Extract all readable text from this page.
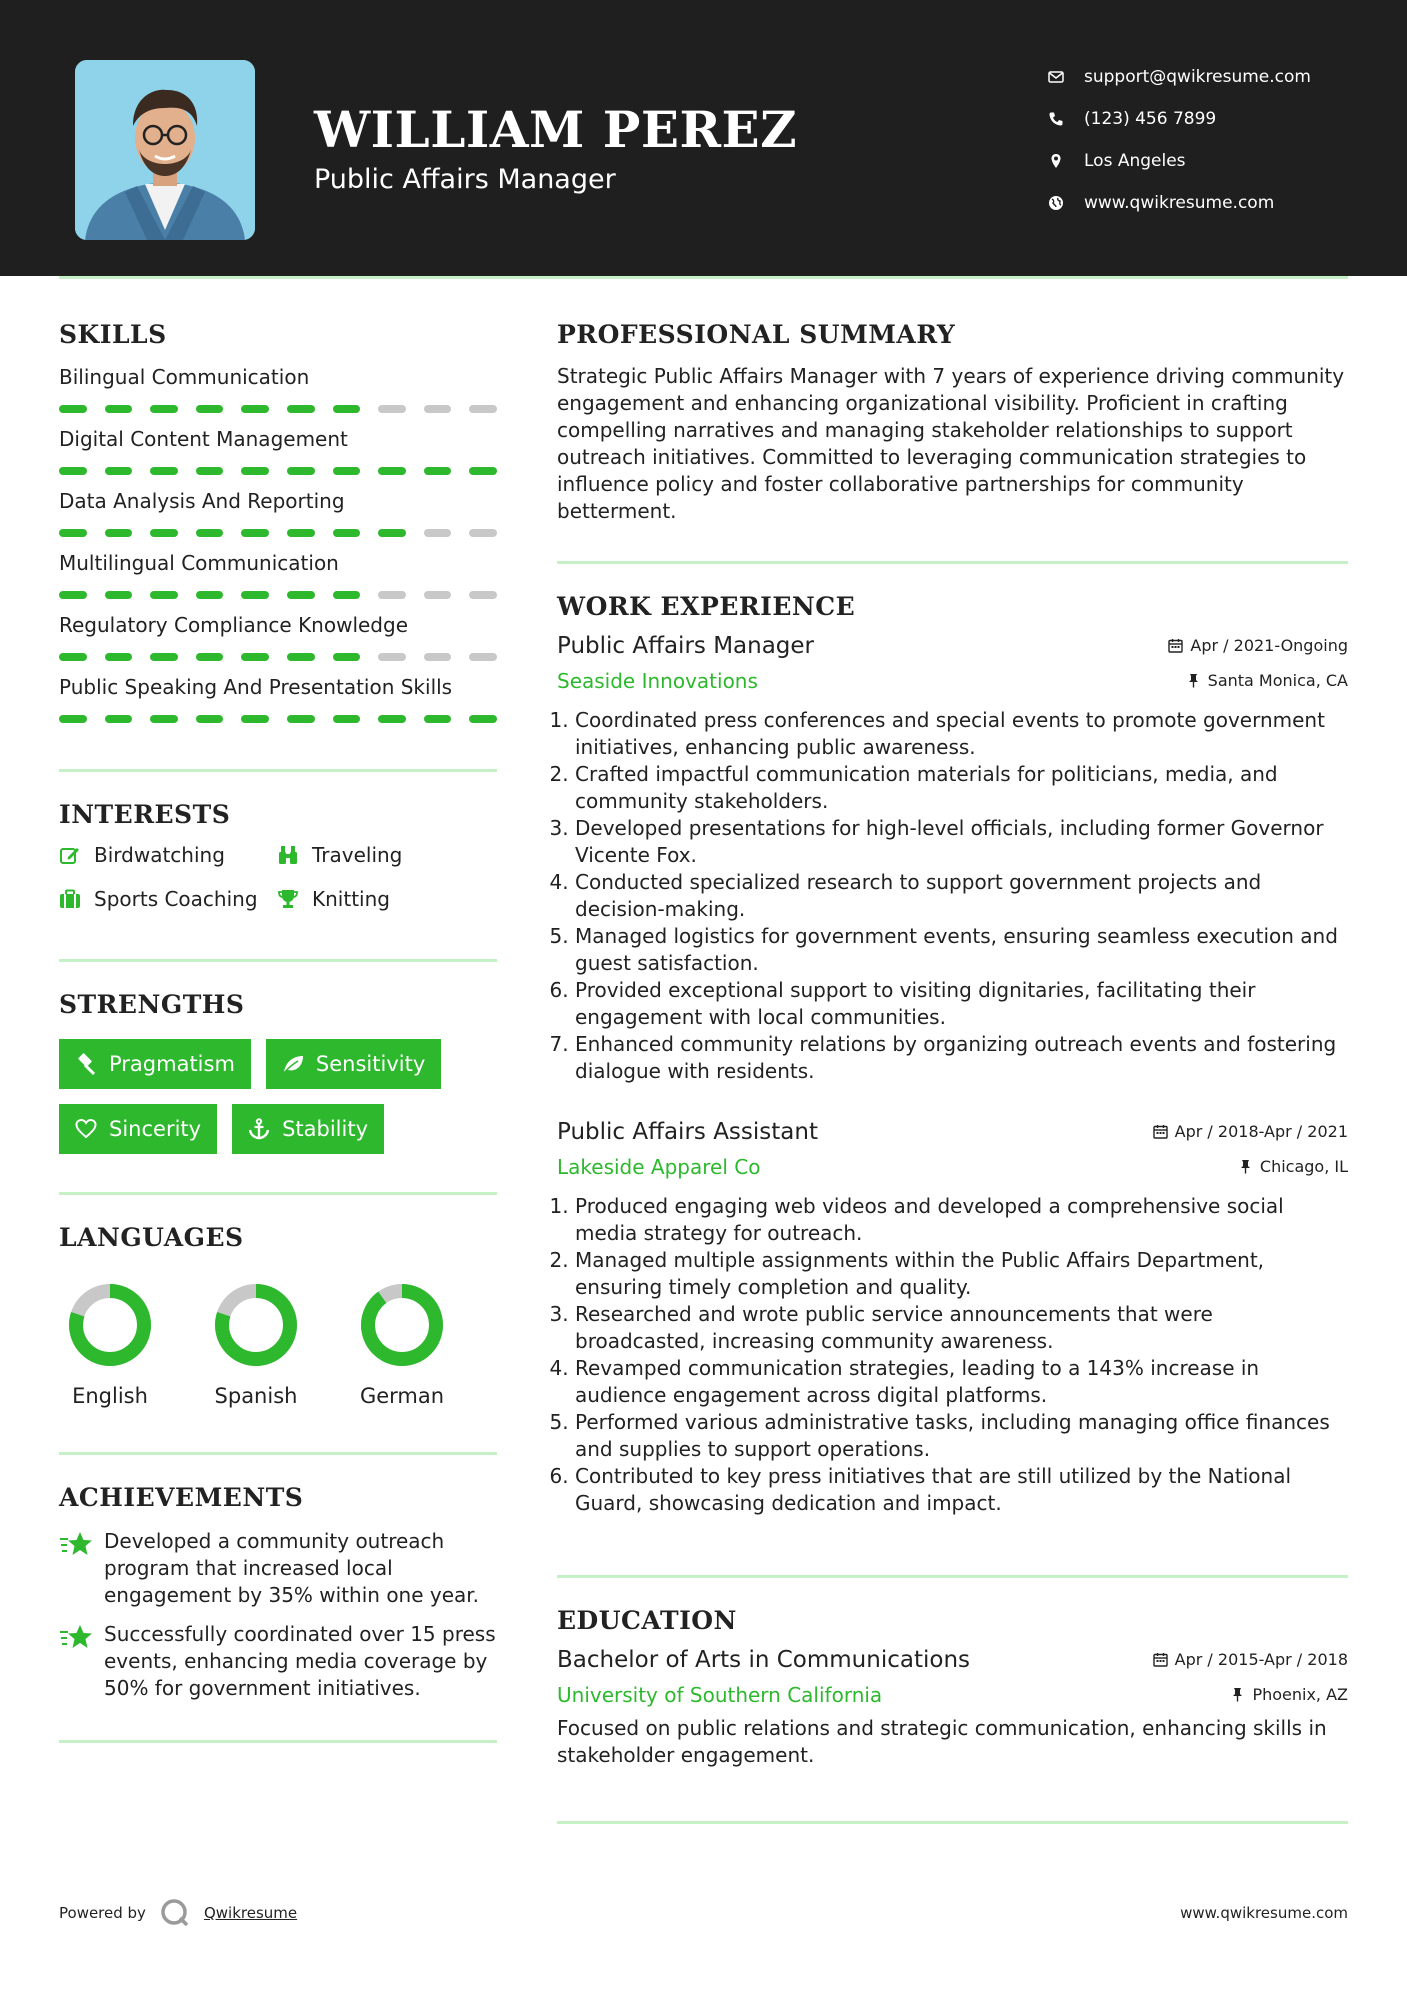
WILLIAM PEREZ
Public Affairs Manager
support@qwikresume.com
(123) 456 7899
Los Angeles
www.qwikresume.com
SKILLS
Bilingual Communication
Digital Content Management
Data Analysis And Reporting
Multilingual Communication
Regulatory Compliance Knowledge
Public Speaking And Presentation Skills
INTERESTS
Birdwatching	Traveling
Sports Coaching	Knitting
STRENGTHS
Pragmatism	Sensitivity
Sincerity	Stability
LANGUAGES
English	Spanish	German
ACHIEVEMENTS

Developed a community outreach program that increased local engagement by 35% within one year.

Successfully coordinated over 15 press events, enhancing media coverage by 50% for government initiatives.

PROFESSIONAL SUMMARY

Strategic Public Affairs Manager with 7 years of experience driving community engagement and enhancing organizational visibility. Proficient in crafting compelling narratives and managing stakeholder relationships to support outreach initiatives. Committed to leveraging communication strategies to influence policy and foster collaborative partnerships for community betterment.

WORK EXPERIENCE
Public Affairs Manager	Apr / 2021-Ongoing
Seaside Innovations	Santa Monica, CA
1. Coordinated press conferences and special events to promote government initiatives, enhancing public awareness.
2. Crafted impactful communication materials for politicians, media, and community stakeholders.
3. Developed presentations for high-level officials, including former Governor Vicente Fox.
4. Conducted specialized research to support government projects and decision-making.
5. Managed logistics for government events, ensuring seamless execution and guest satisfaction.
6. Provided exceptional support to visiting dignitaries, facilitating their engagement with local communities.
7. Enhanced community relations by organizing outreach events and fostering dialogue with residents.
Public Affairs Assistant	Apr / 2018-Apr / 2021
Lakeside Apparel Co	Chicago, IL
1. Produced engaging web videos and developed a comprehensive social media strategy for outreach.
2. Managed multiple assignments within the Public Affairs Department, ensuring timely completion and quality.
3. Researched and wrote public service announcements that were broadcasted, increasing community awareness.
4. Revamped communication strategies, leading to a 143% increase in audience engagement across digital platforms.
5. Performed various administrative tasks, including managing office finances and supplies to support operations.
6. Contributed to key press initiatives that are still utilized by the National Guard, showcasing dedication and impact.
EDUCATION
Bachelor of Arts in Communications	Apr / 2015-Apr / 2018
University of Southern California	Phoenix, AZ

Focused on public relations and strategic communication, enhancing skills in stakeholder engagement.

Powered by	Qwikresume	www.qwikresume.com
